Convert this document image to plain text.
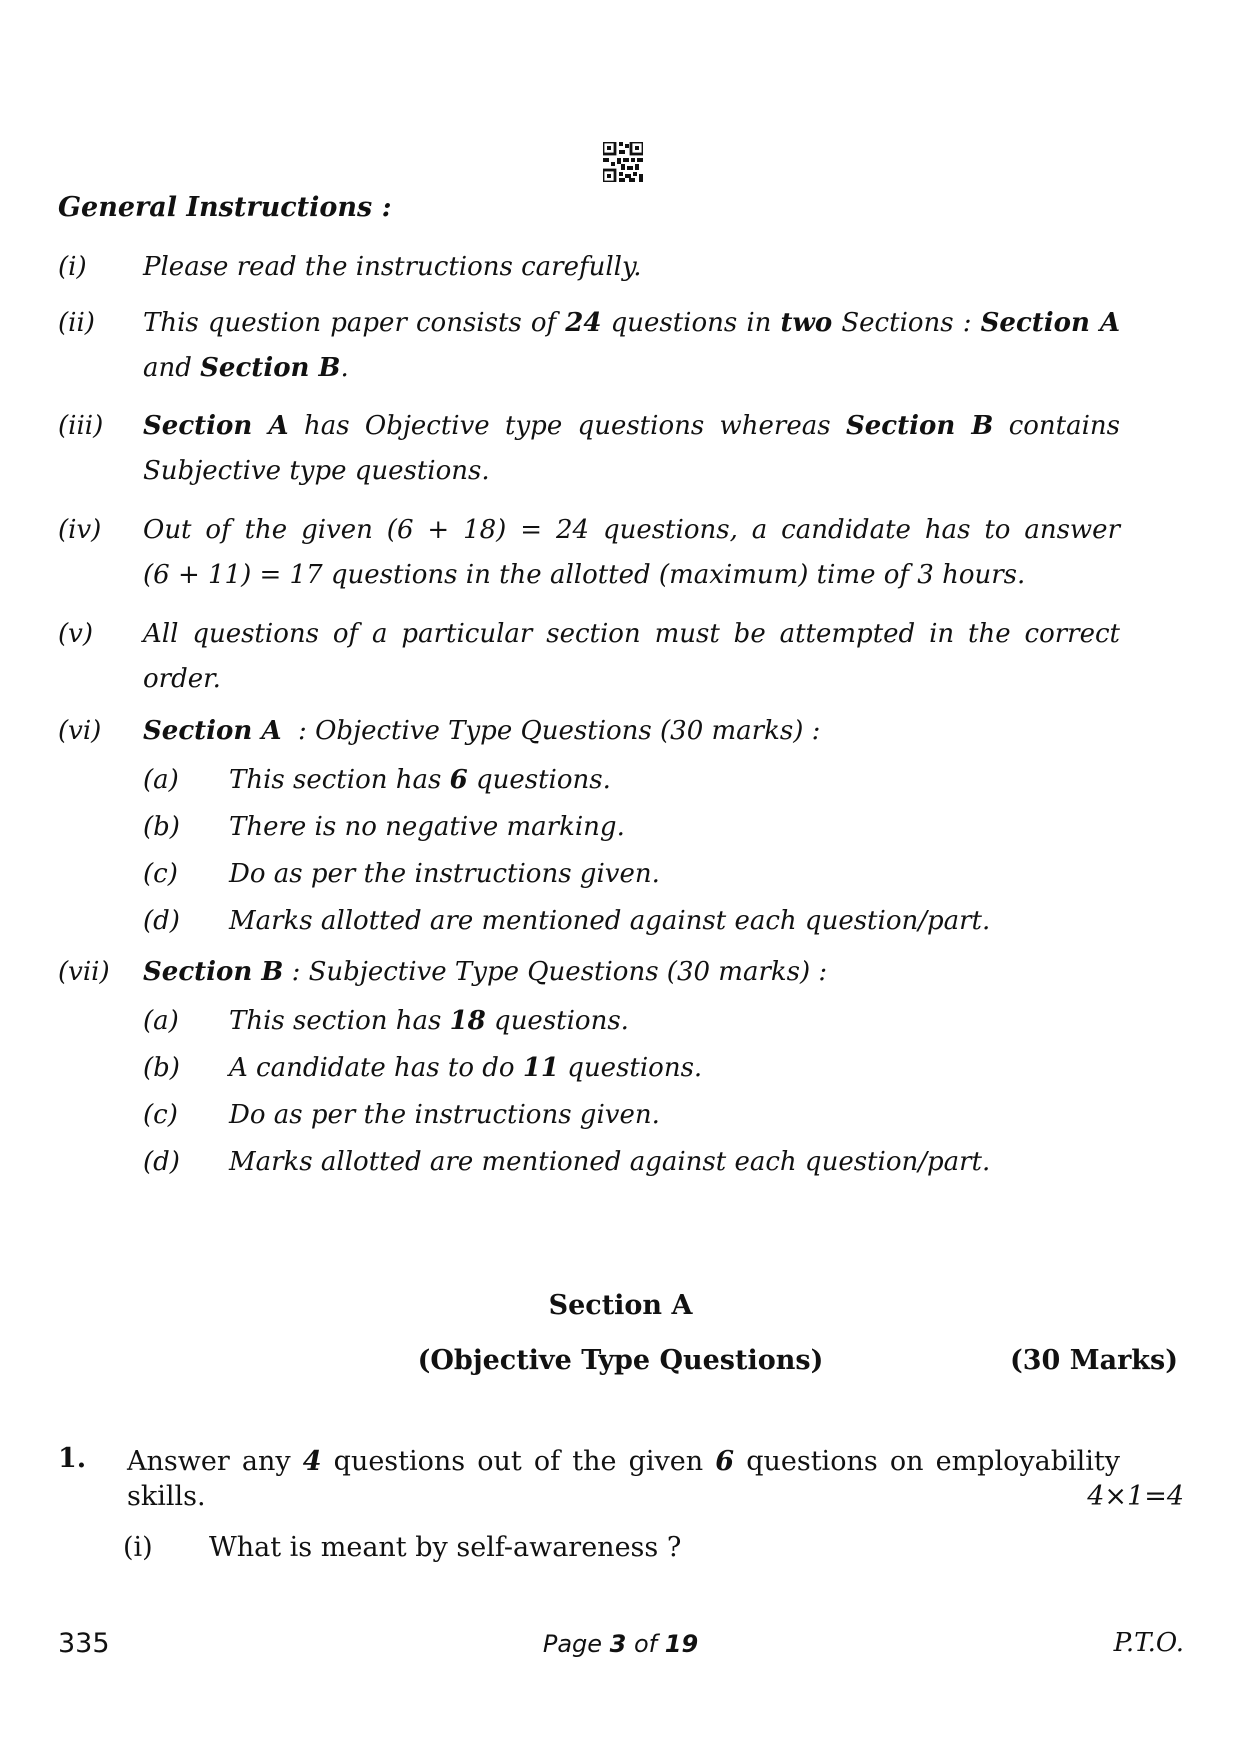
General Instructions :
(i) Please read the instructions carefully.
(ii) This question paper consists of 24 questions in two Sections : Section A
and Section B.
(iii) Section A has Objective type questions whereas Section B contains
Subjective type questions.
(iv) Out of the given (6 + 18) = 24 questions, a candidate has to answer
(6 + 11) = 17 questions in the allotted (maximum) time of 3 hours.
(v) All questions of a particular section must be attempted in the correct
order.
(vi) Section A  : Objective Type Questions (30 marks) :
(a) This section has 6 questions.
(b) There is no negative marking.
(c) Do as per the instructions given.
(d) Marks allotted are mentioned against each question/part.
(vii) Section B : Subjective Type Questions (30 marks) :
(a) This section has 18 questions.
(b) A candidate has to do 11 questions.
(c) Do as per the instructions given.
(d) Marks allotted are mentioned against each question/part.
Section A
(Objective Type Questions)	(30 Marks)
1. Answer any 4 questions out of the given 6 questions on employability
skills.	4×1=4
(i) What is meant by self-awareness ?
335	Page 3 of 19	P.T.O.
